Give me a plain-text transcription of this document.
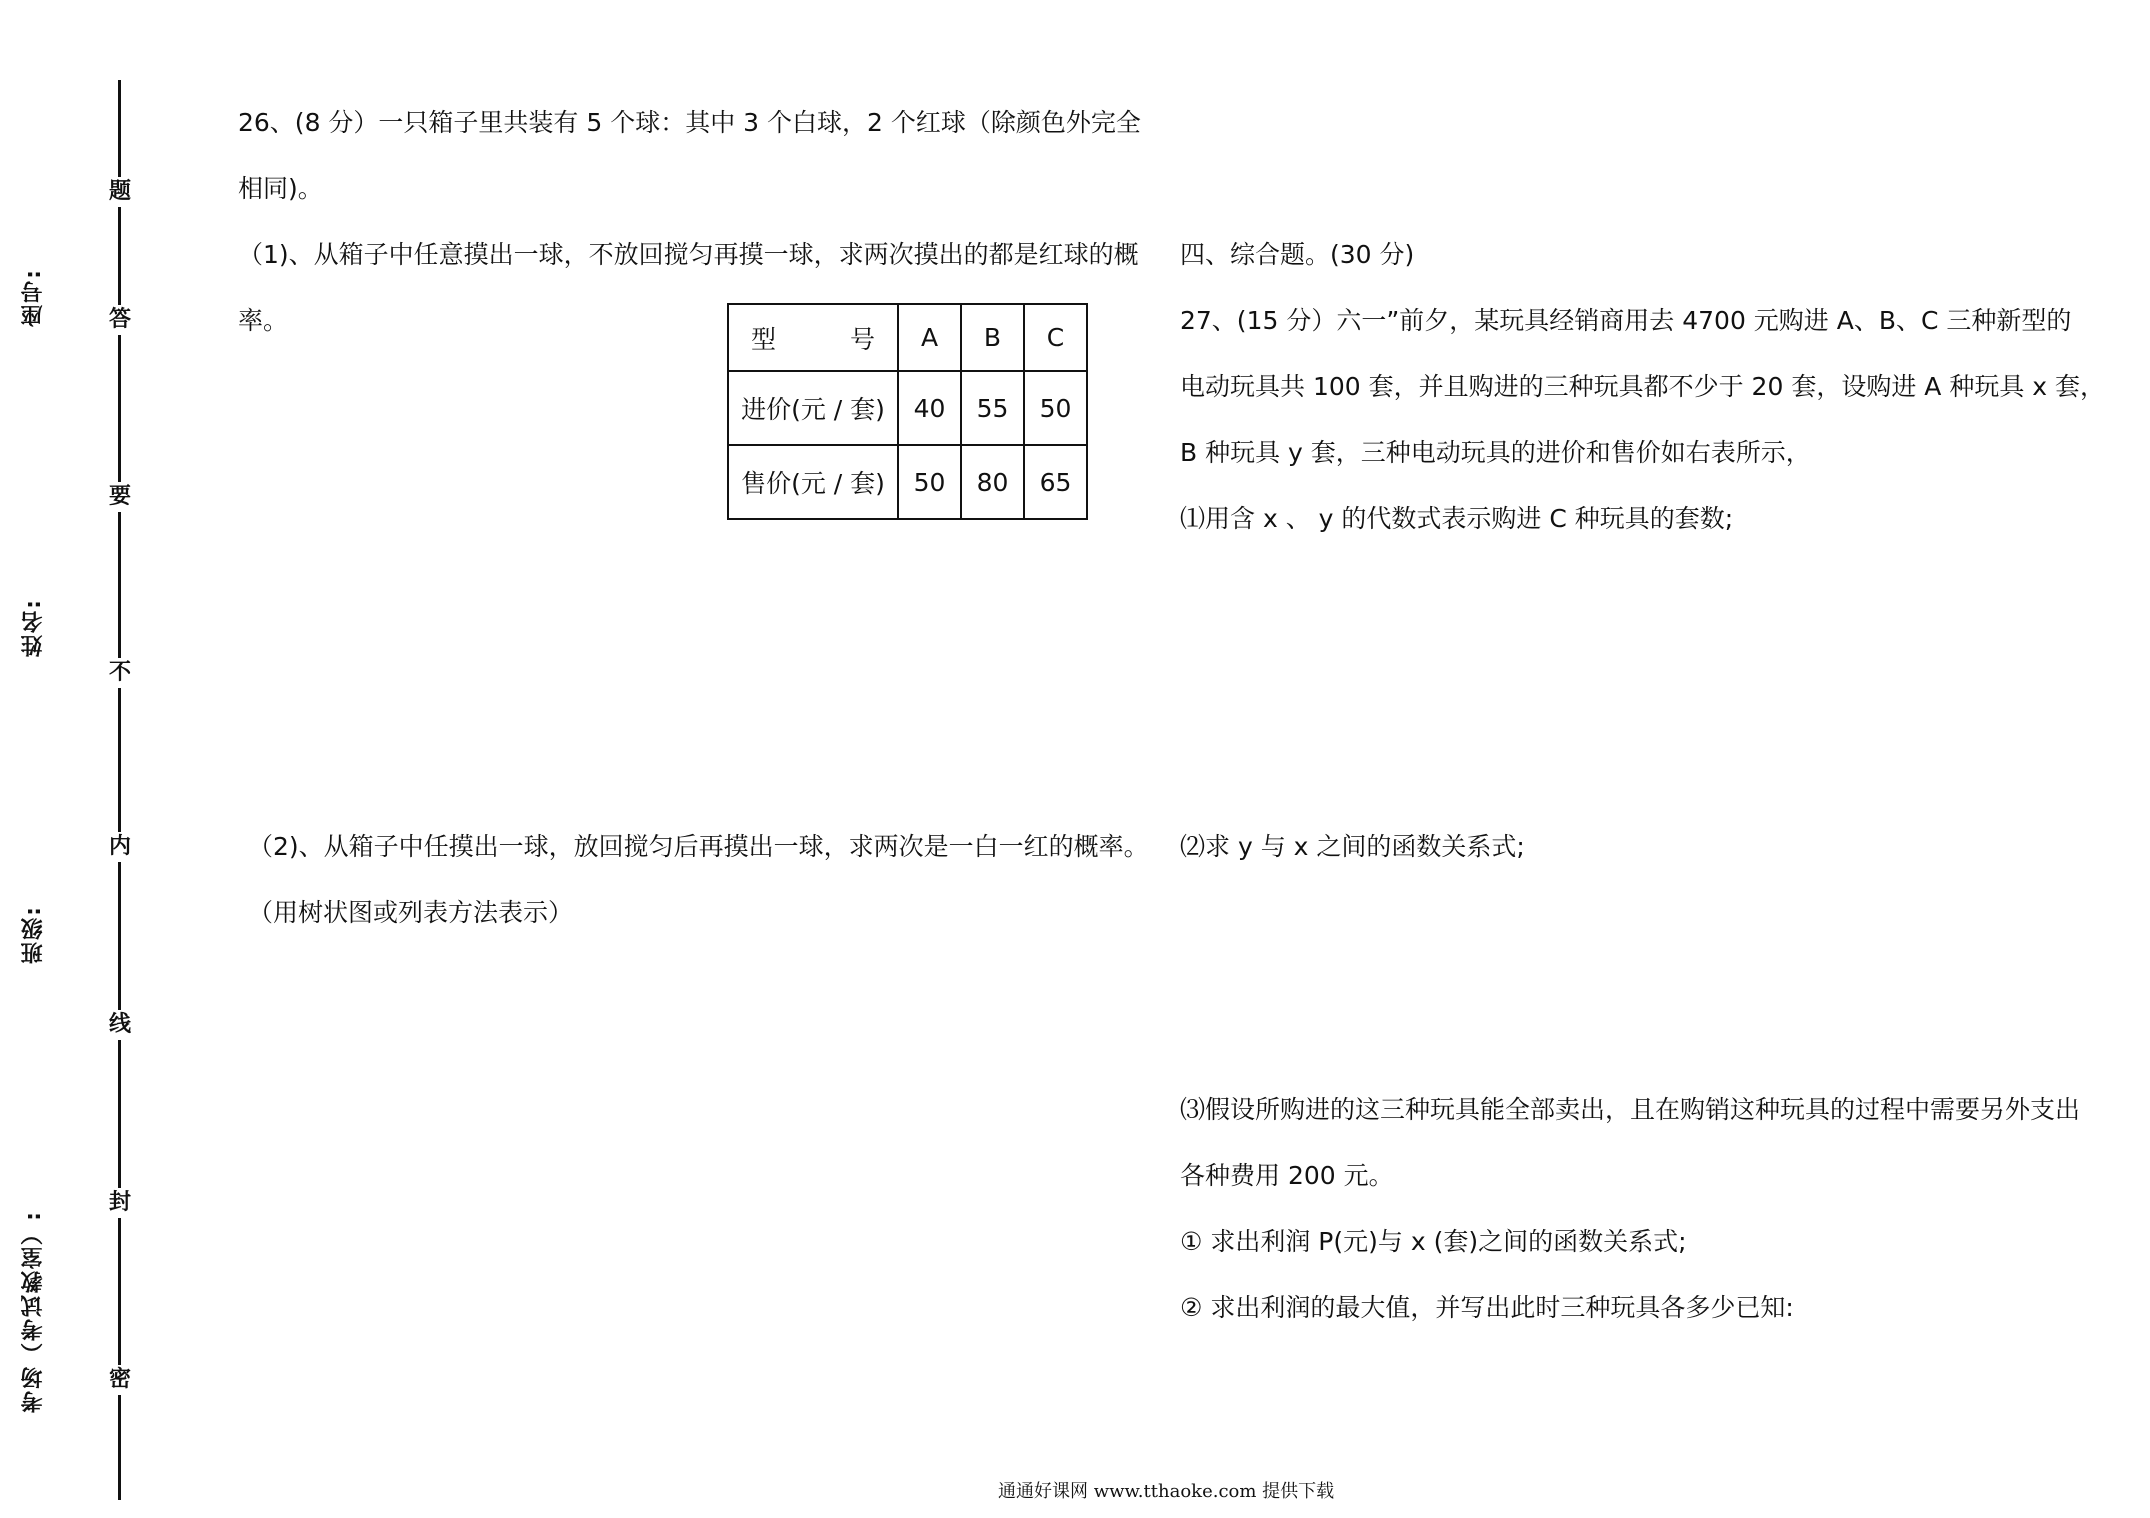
座号:
姓名:
班级:
考场（考试教室）:
题
答
要
不
内
线
封
密
26、(8 分）一只箱子里共装有 5 个球：其中 3 个白球，2 个红球（除颜色外完全
相同)。
（1)、从箱子中任意摸出一球，不放回搅匀再摸一球，求两次摸出的都是红球的概
率。
（2)、从箱子中任摸出一球，放回搅匀后再摸出一球，求两次是一白一红的概率。
（用树状图或列表方法表示）
型 号	A	B	C
进价(元 / 套)	40	55	50
售价(元 / 套)	50	80	65
四、综合题。(30 分)
27、(15 分）六一”前夕，某玩具经销商用去 4700 元购进 A、B、C 三种新型的
电动玩具共 100 套，并且购进的三种玩具都不少于 20 套，设购进 A 种玩具 x 套，
B 种玩具 y 套，三种电动玩具的进价和售价如右表所示，
⑴用含 x 、 y 的代数式表示购进 C 种玩具的套数;
⑵求 y 与 x 之间的函数关系式;
⑶假设所购进的这三种玩具能全部卖出，且在购销这种玩具的过程中需要另外支出
各种费用 200 元。
① 求出利润 P(元)与 x (套)之间的函数关系式;
② 求出利润的最大值，并写出此时三种玩具各多少已知:
通通好课网 www.tthaoke.com 提供下载
